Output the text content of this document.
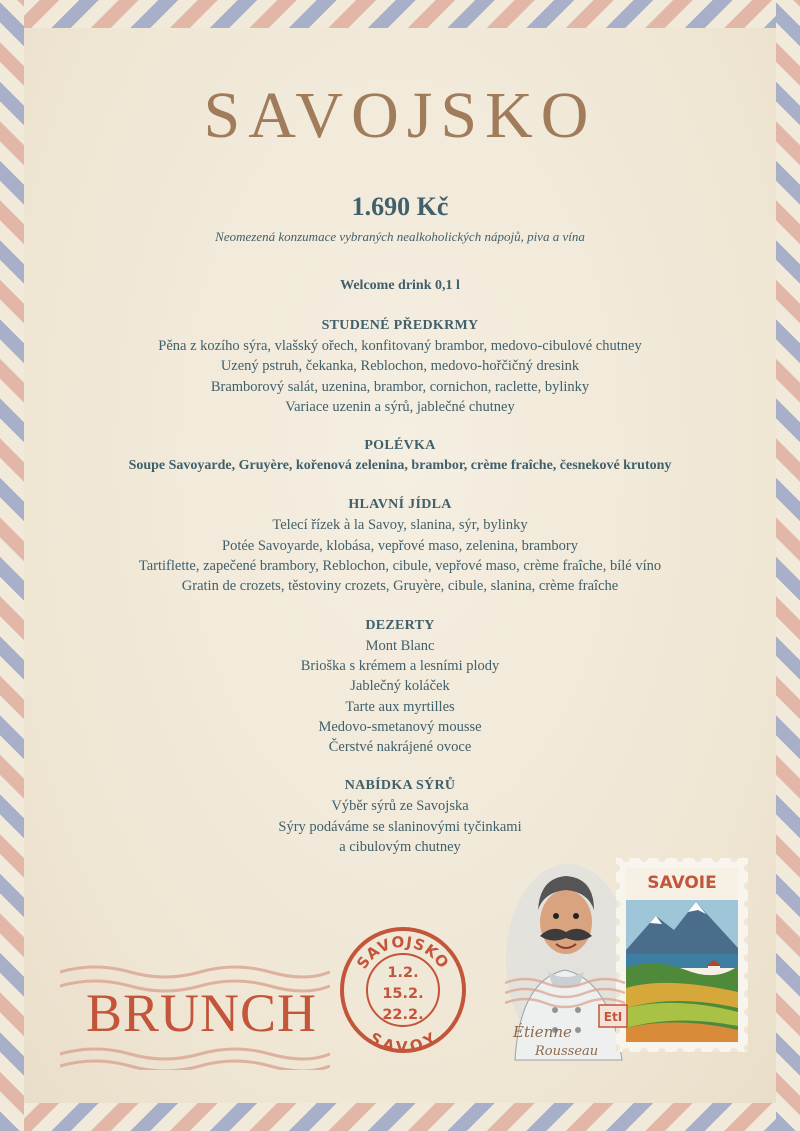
SAVOJSKO
1.690 Kč
Neomezená konzumace vybraných nealkoholických nápojů, piva a vína
Welcome drink 0,1 l
STUDENÉ PŘEDKRMY
Pěna z kozího sýra, vlašský ořech, konfitovaný brambor, medovo-cibulové chutney
Uzený pstruh, čekanka, Reblochon, medovo-hořčičný dresink
Bramborový salát, uzenina, brambor, cornichon, raclette, bylinky
Variace uzenin a sýrů, jablečné chutney
POLÉVKA
Soupe Savoyarde, Gruyère, kořenová zelenina, brambor, crème fraîche, česnekové krutony
HLAVNÍ JÍDLA
Telecí řízek à la Savoy, slanina, sýr, bylinky
Potée Savoyarde, klobása, vepřové maso, zelenina, brambory
Tartiflette, zapečené brambory, Reblochon, cibule, vepřové maso, crème fraîche, bílé víno
Gratin de crozets, těstoviny crozets, Gruyère, cibule, slanina, crème fraîche
DEZERTY
Mont Blanc
Brioška s krémem a lesními plody
Jablečný koláček
Tarte aux myrtilles
Medovo-smetanový mousse
Čerstvé nakrájené ovoce
NABÍDKA SÝRŮ
Výběr sýrů ze Savojska
Sýry podáváme se slaninovými tyčinkami
a cibulovým chutney
BRUNCH
SAVOJSKO
SAVOY
1.2.
15.2.
22.2.	EtI
Étienne
Rousseau
SAVOIE
